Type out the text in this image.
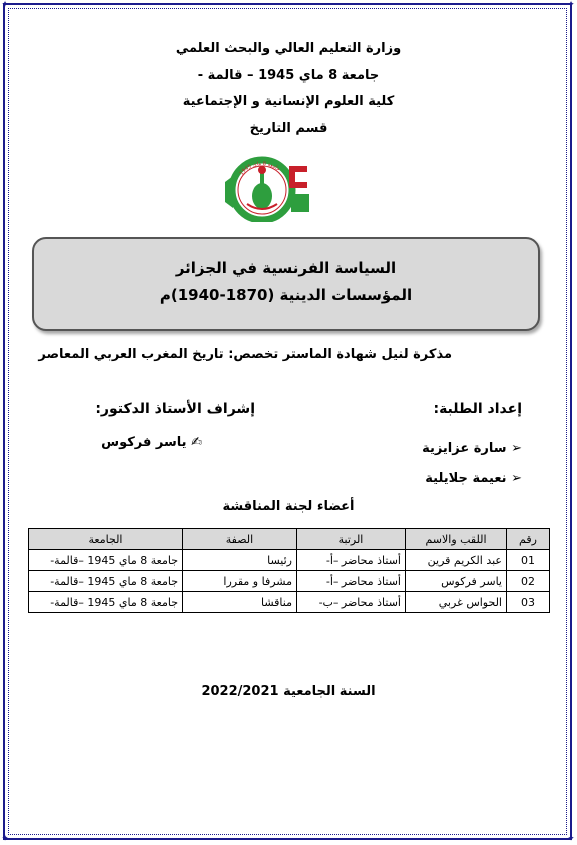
✦	✦
✦	✦
وزارة التعليم العالي والبحث العلمي
جامعة 8 ماي 1945 – قالمة -
كلية العلوم الإنسانية و الإجتماعية
قسم التاريخ
جامعة 8 ماي 1945
السياسة الفرنسية في الجزائر
المؤسسات الدينية (1870-1940)م
مذكرة لنيل شهادة الماستر تخصص: تاريخ المغرب العربي المعاصر
إعداد الطلبة:
إشراف الأستاذ الدكتور:
➢ سارة عزايزية
➢ نعيمة جلايلية
✍ ياسر فركوس
أعضاء لجنة المناقشة
رقم	اللقب والاسم	الرتبة	الصفة	الجامعة
01	عبد الكريم قرين	أستاذ محاضر –أ-	رئيسا	جامعة 8 ماي 1945 –قالمة-
02	ياسر فركوس	أستاذ محاضر –أ-	مشرفا و مقررا	جامعة 8 ماي 1945 –قالمة-
03	الحواس غربي	أستاذ محاضر –ب-	مناقشا	جامعة 8 ماي 1945 –قالمة-
السنة الجامعية 2022/2021
